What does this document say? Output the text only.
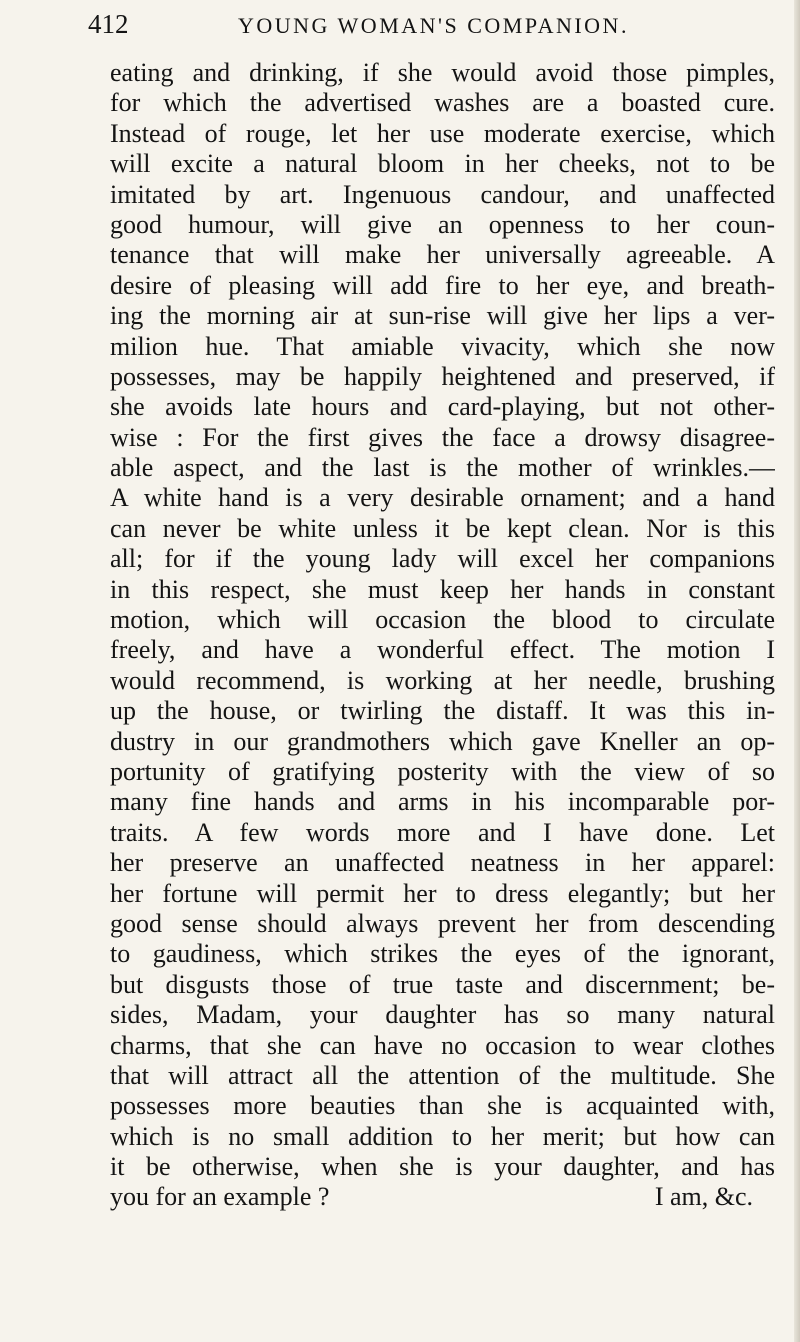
412	YOUNG WOMAN'S COMPANION.
eating and drinking, if she would avoid those pimples,
for which the advertised washes are a boasted cure.
Instead of rouge, let her use moderate exercise, which
will excite a natural bloom in her cheeks, not to be
imitated by art. Ingenuous candour, and unaffected
good humour, will give an openness to her coun-
tenance that will make her universally agreeable. A
desire of pleasing will add fire to her eye, and breath-
ing the morning air at sun-rise will give her lips a ver-
milion hue. That amiable vivacity, which she now
possesses, may be happily heightened and preserved, if
she avoids late hours and card-playing, but not other-
wise : For the first gives the face a drowsy disagree-
able aspect, and the last is the mother of wrinkles.—
A white hand is a very desirable ornament; and a hand
can never be white unless it be kept clean. Nor is this
all; for if the young lady will excel her companions
in this respect, she must keep her hands in constant
motion, which will occasion the blood to circulate
freely, and have a wonderful effect. The motion I
would recommend, is working at her needle, brushing
up the house, or twirling the distaff. It was this in-
dustry in our grandmothers which gave Kneller an op-
portunity of gratifying posterity with the view of so
many fine hands and arms in his incomparable por-
traits. A few words more and I have done. Let
her preserve an unaffected neatness in her apparel:
her fortune will permit her to dress elegantly; but her
good sense should always prevent her from descending
to gaudiness, which strikes the eyes of the ignorant,
but disgusts those of true taste and discernment; be-
sides, Madam, your daughter has so many natural
charms, that she can have no occasion to wear clothes
that will attract all the attention of the multitude. She
possesses more beauties than she is acquainted with,
which is no small addition to her merit; but how can
it be otherwise, when she is your daughter, and has
you for an example ?	I am, &c.
